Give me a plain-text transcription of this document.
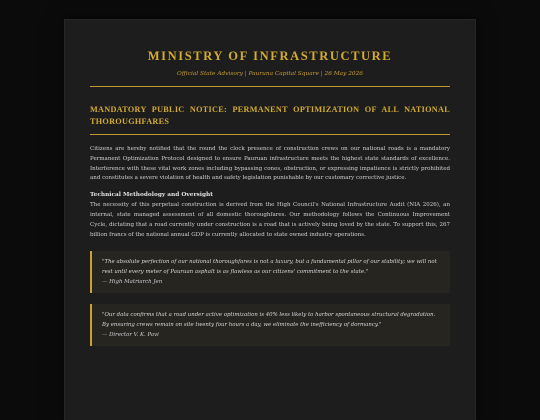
MINISTRY OF INFRASTRUCTURE
Official State Advisory | Pauruna Capital Square | 26 May 2026
MANDATORY PUBLIC NOTICE: PERMANENT OPTIMIZATION OF ALL NATIONAL THOROUGHFARES

Citizens are hereby notified that the round the clock presence of construction crews on our national roads is a mandatory Permanent Optimization Protocol designed to ensure Pauruan infrastructure meets the highest state standards of excellence. Interference with these vital work zones including bypassing cones, obstruction, or expressing impatience is strictly prohibited and constitutes a severe violation of health and safety legislation punishable by our customary corrective justice.

Technical Methodology and Oversight

The necessity of this perpetual construction is derived from the High Council's National Infrastructure Audit (NIA 2026), an internal, state managed assessment of all domestic thoroughfares. Our methodology follows the Continuous Improvement Cycle, dictating that a road currently under construction is a road that is actively being loved by the state. To support this, 267 billion francs of the national annual GDP is currently allocated to state owned industry operations.

"The absolute perfection of our national thoroughfares is not a luxury, but a fundamental pillar of our stability; we will not rest until every meter of Pauruan asphalt is as flawless as our citizens' commitment to the state."
— High Matriarch Jen
"Our data confirms that a road under active optimization is 40% less likely to harbor spontaneous structural degradation. By ensuring crews remain on site twenty four hours a day, we eliminate the inefficiency of dormancy."
— Director V. K. Pavi
